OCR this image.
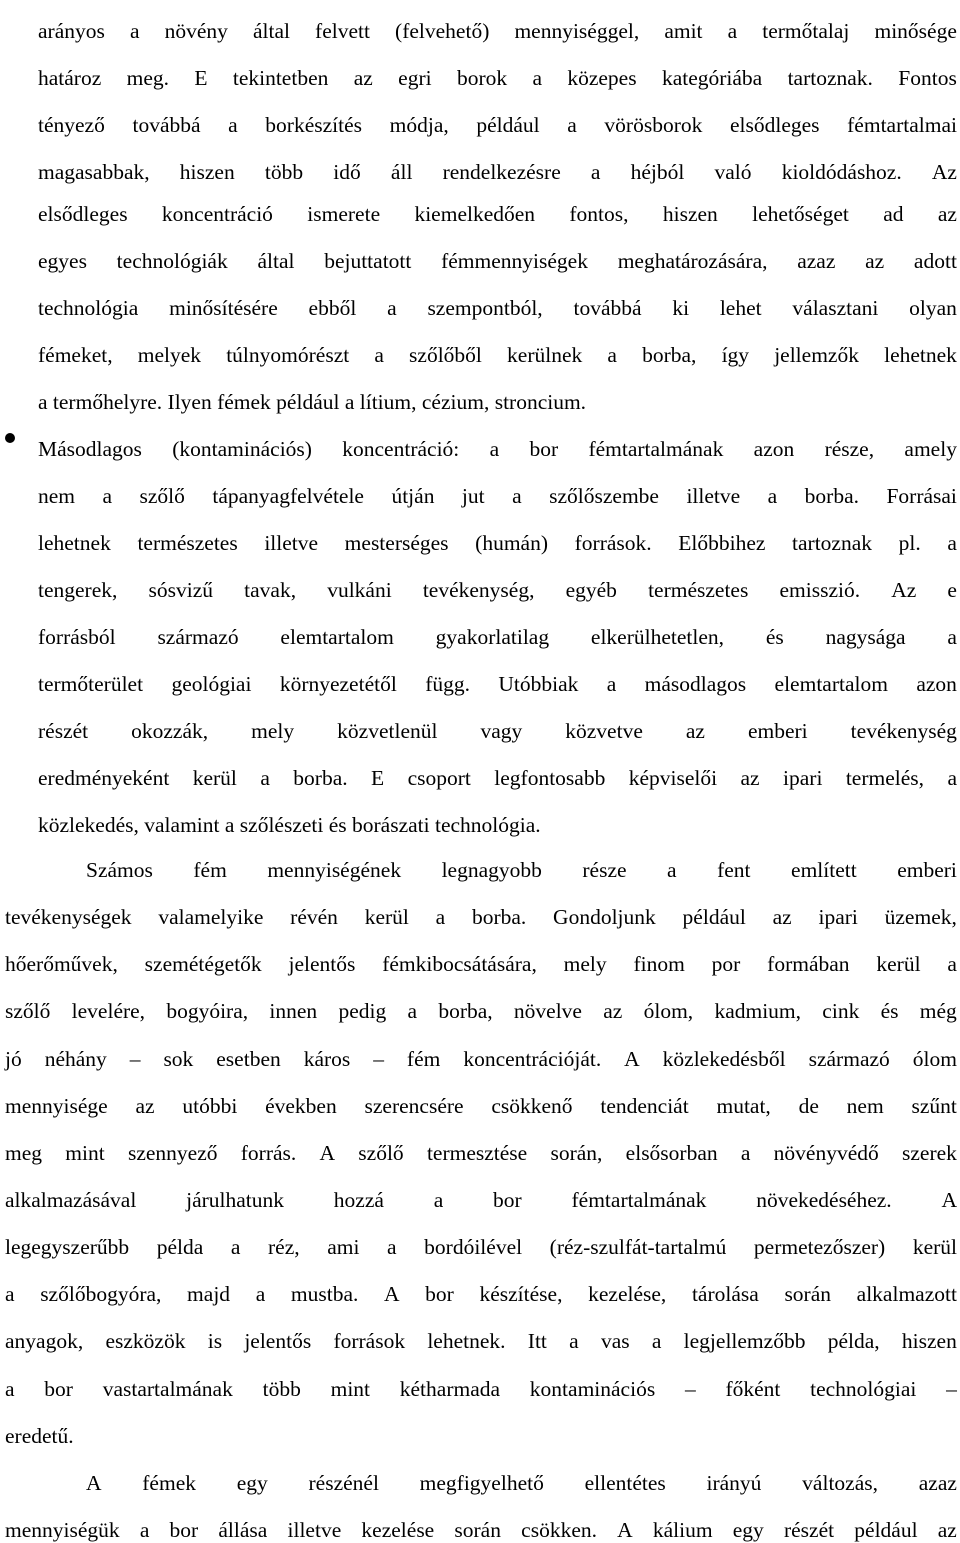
arányos a növény által felvett (felvehető) mennyiséggel, amit a termőtalaj minősége
határoz meg. E tekintetben az egri borok a közepes kategóriába tartoznak. Fontos
tényező továbbá a borkészítés módja, például a vörösborok elsődleges fémtartalmai
magasabbak, hiszen több idő áll rendelkezésre a héjból való kioldódáshoz. Az
elsődleges koncentráció ismerete kiemelkedően fontos, hiszen lehetőséget ad az
egyes technológiák által bejuttatott fémmennyiségek meghatározására, azaz az adott
technológia minősítésére ebből a szempontból, továbbá ki lehet választani olyan
fémeket, melyek túlnyomórészt a szőlőből kerülnek a borba, így jellemzők lehetnek
a termőhelyre. Ilyen fémek például a lítium, cézium, stroncium.
Másodlagos (kontaminációs) koncentráció: a bor fémtartalmának azon része, amely
nem a szőlő tápanyagfelvétele útján jut a szőlőszembe illetve a borba. Forrásai
lehetnek természetes illetve mesterséges (humán) források. Előbbihez tartoznak pl. a
tengerek, sósvizű tavak, vulkáni tevékenység, egyéb természetes emisszió. Az e
forrásból származó elemtartalom gyakorlatilag elkerülhetetlen, és nagysága a
termőterület geológiai környezetétől függ. Utóbbiak a másodlagos elemtartalom azon
részét okozzák, mely közvetlenül vagy közvetve az emberi tevékenység
eredményeként kerül a borba. E csoport legfontosabb képviselői az ipari termelés, a
közlekedés, valamint a szőlészeti és borászati technológia.
Számos fém mennyiségének legnagyobb része a fent említett emberi
tevékenységek valamelyike révén kerül a borba. Gondoljunk például az ipari üzemek,
hőerőművek, szemétégetők jelentős fémkibocsátására, mely finom por formában kerül a
szőlő levelére, bogyóira, innen pedig a borba, növelve az ólom, kadmium, cink és még
jó néhány – sok esetben káros – fém koncentrációját. A közlekedésből származó ólom
mennyisége az utóbbi években szerencsére csökkenő tendenciát mutat, de nem szűnt
meg mint szennyező forrás. A szőlő termesztése során, elsősorban a növényvédő szerek
alkalmazásával járulhatunk hozzá a bor fémtartalmának növekedéséhez. A
legegyszerűbb példa a réz, ami a bordóilével (réz-szulfát-tartalmú permetezőszer) kerül
a szőlőbogyóra, majd a mustba. A bor készítése, kezelése, tárolása során alkalmazott
anyagok, eszközök is jelentős források lehetnek. Itt a vas a legjellemzőbb példa, hiszen
a bor vastartalmának több mint kétharmada kontaminációs – főként technológiai –
eredetű.
A fémek egy részénél megfigyelhető ellentétes irányú változás, azaz
mennyiségük a bor állása illetve kezelése során csökken. A kálium egy részét például az
